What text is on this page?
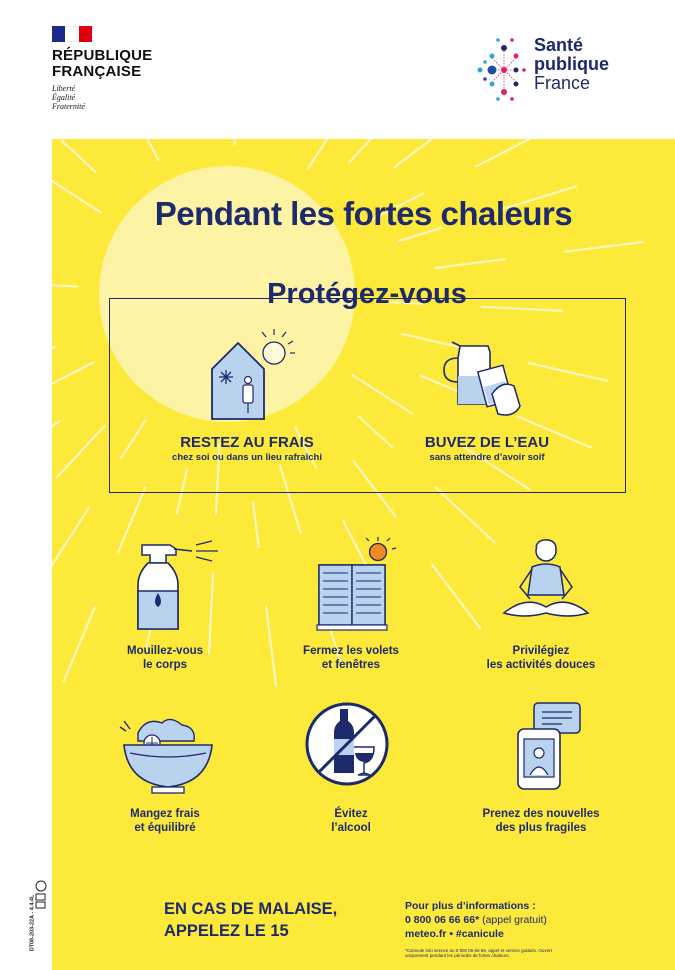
RÉPUBLIQUE
FRANÇAISE
Liberté
Égalité
Fraternité
Santé
publique
France
Pendant les fortes chaleurs
Protégez-vous
RESTEZ AU FRAIS
chez soi ou dans un lieu rafraîchi
BUVEZ DE L’EAU
sans attendre d’avoir soif
Mouillez-vous
le corps
Fermez les volets
et fenêtres
Privilégiez
les activités douces
Mangez frais
et équilibré
Évitez
l’alcool
Prenez des nouvelles
des plus fragiles
EN CAS DE MALAISE,
APPELEZ LE 15
Pour plus d’informations :
0 800 06 66 66* (appel gratuit)
meteo.fr • #canicule
*Canicule info service au 0 800 06 66 66, appel et service gratuits. Ouvert uniquement pendant les périodes de fortes chaleurs.
DT08-203-22A - 4.4.4L
